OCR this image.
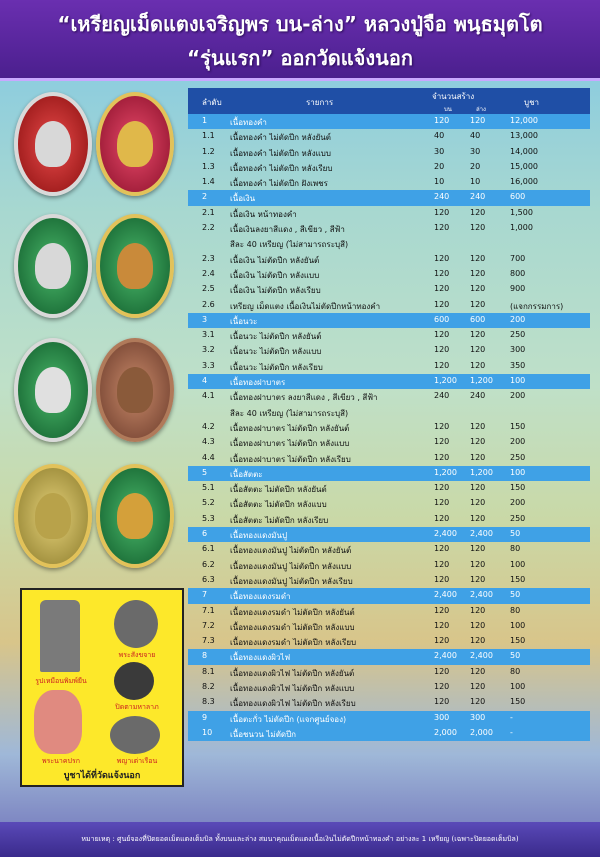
“เหรียญเม็ดแตงเจริญพร บน-ล่าง” หลวงปู่จือ พนฺธมุตโต
“รุ่นแรก” ออกวัดแจ้งนอก
รูปเหมือนพิมพ์ยืน
พระสังขจาย
ปิดตามหาลาภ
พระนาคปรก	พญาเต่าเรือน
บูชาได้ที่วัดแจ้งนอก
ลำดับ	รายการ
จำนวนสร้าง
บน	ล่าง
บูชา
1	เนื้อทองคำ	120	120	12,000
1.1 เนื้อทองคำ ไม่ตัดปีก หลังยันต์	40	40	13,000
1.2 เนื้อทองคำ ไม่ตัดปีก หลังแบบ	30	30	14,000
1.3 เนื้อทองคำ ไม่ตัดปีก หลังเรียบ	20	20	15,000
1.4 เนื้อทองคำ ไม่ตัดปีก ฝังเพชร	10	10	16,000
2	เนื้อเงิน	240	240	600
2.1 เนื้อเงิน หน้าทองคำ	120	120	1,500
2.2 เนื้อเงินลงยาสีแดง , สีเขียว , สีฟ้า	120	120	1,000
สีละ 40 เหรียญ (ไม่สามารถระบุสี)
2.3 เนื้อเงิน ไม่ตัดปีก หลังยันต์	120	120	700
2.4 เนื้อเงิน ไม่ตัดปีก หลังแบบ	120	120	800
2.5 เนื้อเงิน ไม่ตัดปีก หลังเรียบ	120	120	900
2.6 เหรียญ เม็ดแตง เนื้อเงินไม่ตัดปีกหน้าทองคำ	120	120	(แจกกรรมการ)
3	เนื้อนวะ	600	600	200
3.1 เนื้อนวะ ไม่ตัดปีก หลังยันต์	120	120	250
3.2 เนื้อนวะ ไม่ตัดปีก หลังแบบ	120	120	300
3.3 เนื้อนวะ ไม่ตัดปีก หลังเรียบ	120	120	350
4	เนื้อทองฝาบาตร	1,200 1,200 100
4.1 เนื้อทองฝาบาตร ลงยาสีแดง , สีเขียว , สีฟ้า	240	240	200
สีละ 40 เหรียญ (ไม่สามารถระบุสี)
4.2 เนื้อทองฝาบาตร ไม่ตัดปีก หลังยันต์	120	120	150
4.3 เนื้อทองฝาบาตร ไม่ตัดปีก หลังแบบ	120	120	200
4.4 เนื้อทองฝาบาตร ไม่ตัดปีก หลังเรียบ	120	120	250
5	เนื้อสัตตะ	1,200 1,200 100
5.1 เนื้อสัตตะ ไม่ตัดปีก หลังยันต์	120	120	150
5.2 เนื้อสัตตะ ไม่ตัดปีก หลังแบบ	120	120	200
5.3 เนื้อสัตตะ ไม่ตัดปีก หลังเรียบ	120	120	250
6	เนื้อทองแดงมันปู	2,400 2,400 50
6.1 เนื้อทองแดงมันปู ไม่ตัดปีก หลังยันต์	120	120	80
6.2 เนื้อทองแดงมันปู ไม่ตัดปีก หลังแบบ	120	120	100
6.3 เนื้อทองแดงมันปู ไม่ตัดปีก หลังเรียบ	120	120	150
7	เนื้อทองแดงรมดำ	2,400 2,400 50
7.1 เนื้อทองแดงรมดำ ไม่ตัดปีก หลังยันต์	120	120	80
7.2 เนื้อทองแดงรมดำ ไม่ตัดปีก หลังแบบ	120	120	100
7.3 เนื้อทองแดงรมดำ ไม่ตัดปีก หลังเรียบ	120	120	150
8	เนื้อทองแดงผิวไฟ	2,400 2,400 50
8.1 เนื้อทองแดงผิวไฟ ไม่ตัดปีก หลังยันต์	120	120	80
8.2 เนื้อทองแดงผิวไฟ ไม่ตัดปีก หลังแบบ	120	120	100
8.3 เนื้อทองแดงผิวไฟ ไม่ตัดปีก หลังเรียบ	120	120	150
9	เนื้อตะกั่ว ไม่ตัดปีก (แจกศูนย์จอง)	300	300	-
10 เนื้อชนวน ไม่ตัดปีก	2,000 2,000 -
หมายเหตุ : ศูนย์จองที่ปิดยอดเม็ดแตงเต็มบิล ทั้งบนและล่าง สมนาคุณเม็ดแตงเนื้อเงินไม่ตัดปีกหน้าทองคำ อย่างละ 1 เหรียญ (เฉพาะปิดยอดเต็มบิล)
